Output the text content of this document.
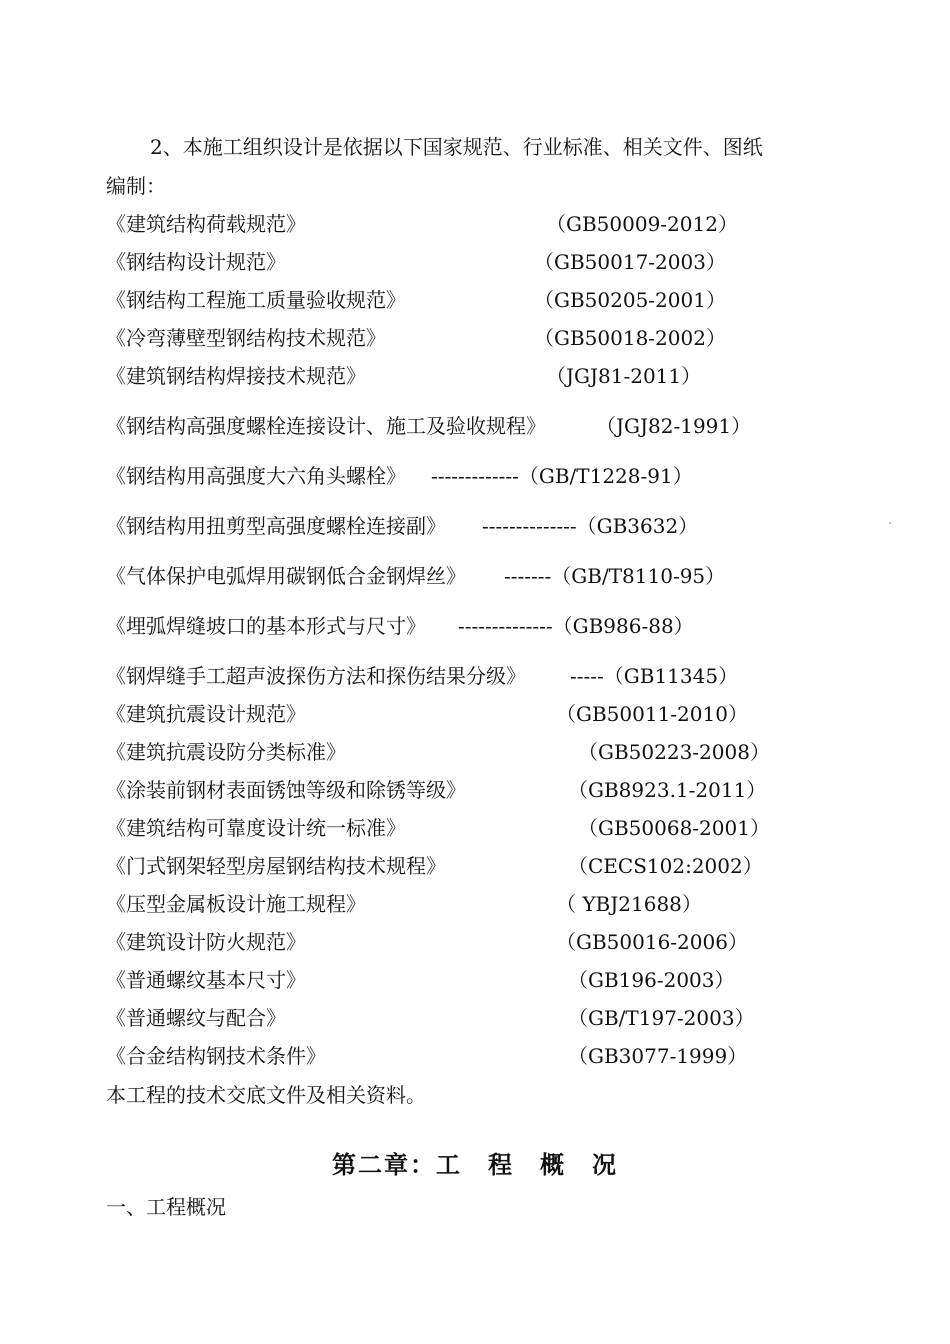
2、本施工组织设计是依据以下国家规范、行业标准、相关文件、图纸
编制：
《建筑结构荷载规范》	（GB50009-2012）
《钢结构设计规范》	（GB50017-2003）
《钢结构工程施工质量验收规范》	（GB50205-2001）
《冷弯薄壁型钢结构技术规范》	（GB50018-2002）
《建筑钢结构焊接技术规范》	（JGJ81-2011）
《钢结构高强度螺栓连接设计、施工及验收规程》	（JGJ82-1991）
《钢结构用高强度大六角头螺栓》 -------------（GB/T1228-91）
《钢结构用扭剪型高强度螺栓连接副》 --------------（GB3632）
《气体保护电弧焊用碳钢低合金钢焊丝》 -------（GB/T8110-95）
《埋弧焊缝坡口的基本形式与尺寸》 --------------（GB986-88）
《钢焊缝手工超声波探伤方法和探伤结果分级》 -----（GB11345）
《建筑抗震设计规范》	（GB50011-2010）
《建筑抗震设防分类标准》	（GB50223-2008）
《涂装前钢材表面锈蚀等级和除锈等级》	（GB8923.1-2011）
《建筑结构可靠度设计统一标准》	（GB50068-2001）
《门式钢架轻型房屋钢结构技术规程》	（CECS102:2002）
《压型金属板设计施工规程》	（ YBJ21688）
《建筑设计防火规范》	（GB50016-2006）
《普通螺纹基本尺寸》	（GB196-2003）
《普通螺纹与配合》	（GB/T197-2003）
《合金结构钢技术条件》	（GB3077-1999）
本工程的技术交底文件及相关资料。
第二章：工　程　概　况
一、工程概况
